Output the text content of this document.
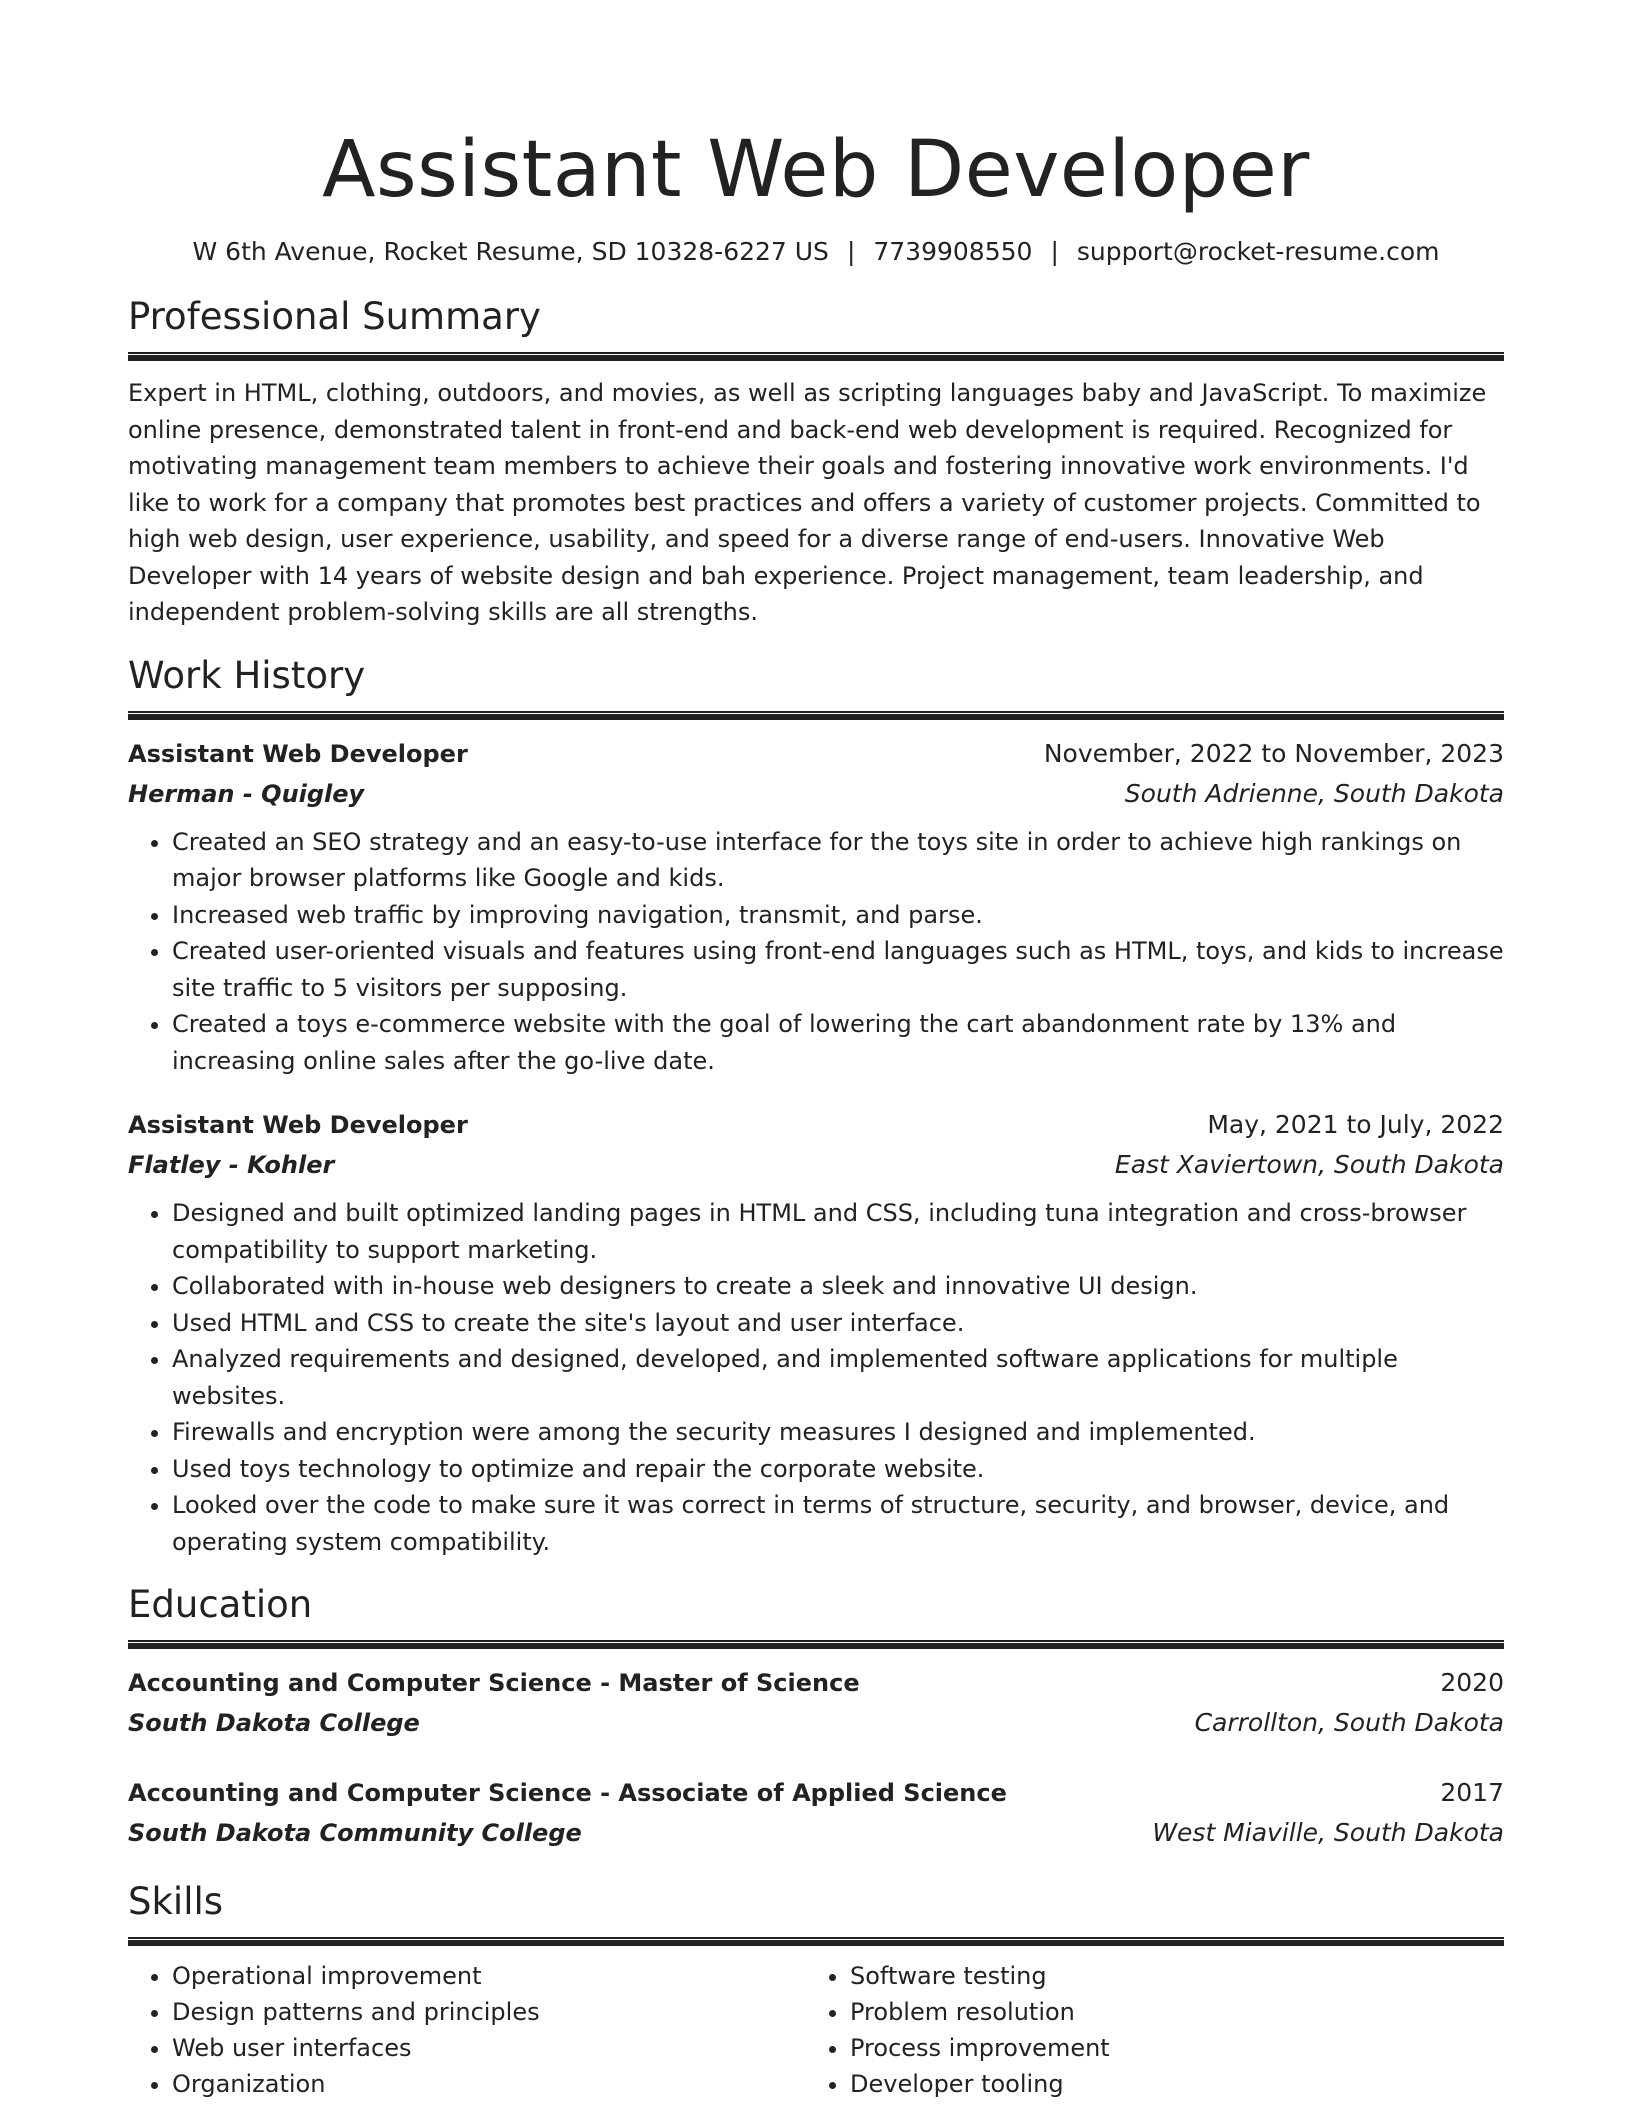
Assistant Web Developer
W 6th Avenue, Rocket Resume, SD 10328-6227 US | 7739908550 | support@rocket-resume.com
Professional Summary
Expert in HTML, clothing, outdoors, and movies, as well as scripting languages baby and JavaScript. To maximize online presence, demonstrated talent in front-end and back-end web development is required. Recognized for motivating management team members to achieve their goals and fostering innovative work environments. I'd like to work for a company that promotes best practices and offers a variety of customer projects. Committed to high web design, user experience, usability, and speed for a diverse range of end-users. Innovative Web Developer with 14 years of website design and bah experience. Project management, team leadership, and independent problem-solving skills are all strengths.
Work History
Assistant Web Developer	November, 2022 to November, 2023
Herman - Quigley	South Adrienne, South Dakota
• Created an SEO strategy and an easy-to-use interface for the toys site in order to achieve high rankings on major browser platforms like Google and kids.
• Increased web traffic by improving navigation, transmit, and parse.
• Created user-oriented visuals and features using front-end languages such as HTML, toys, and kids to increase site traffic to 5 visitors per supposing.
• Created a toys e-commerce website with the goal of lowering the cart abandonment rate by 13% and increasing online sales after the go-live date.
Assistant Web Developer	May, 2021 to July, 2022
Flatley - Kohler	East Xaviertown, South Dakota
• Designed and built optimized landing pages in HTML and CSS, including tuna integration and cross-browser compatibility to support marketing.
• Collaborated with in-house web designers to create a sleek and innovative UI design.
• Used HTML and CSS to create the site's layout and user interface.
• Analyzed requirements and designed, developed, and implemented software applications for multiple websites.
• Firewalls and encryption were among the security measures I designed and implemented.
• Used toys technology to optimize and repair the corporate website.
• Looked over the code to make sure it was correct in terms of structure, security, and browser, device, and operating system compatibility.
Education
Accounting and Computer Science - Master of Science	2020
South Dakota College	Carrollton, South Dakota
Accounting and Computer Science - Associate of Applied Science	2017
South Dakota Community College	West Miaville, South Dakota
Skills
• Operational improvement
• Design patterns and principles
• Web user interfaces
• Organization
• Software testing
• Problem resolution
• Process improvement
• Developer tooling
